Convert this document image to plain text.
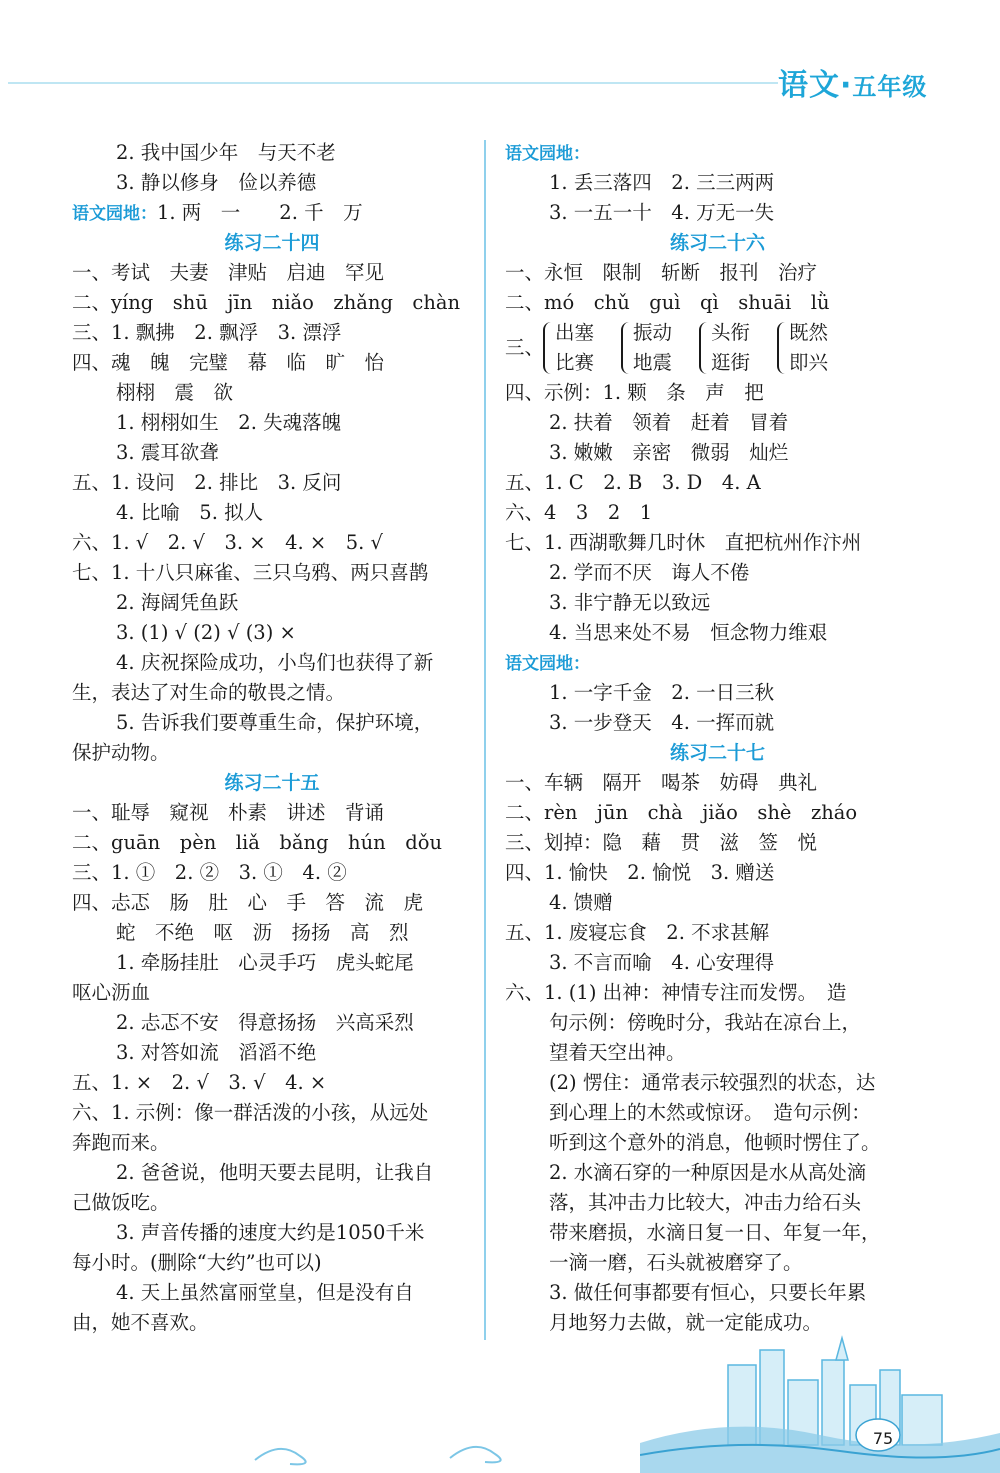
语文·五年级
2. 我中国少年　与天不老
3. 静以修身　俭以养德
语文园地：1. 两　一　　2. 千　万
练习二十四
一、考试　夫妻　津贴　启迪　罕见
二、yíng　shū　jīn　niǎo　zhǎng　chàn
三、1. 飘拂　2. 飘浮　3. 漂浮
四、魂　魄　完璧　幕　临　旷　怡
栩栩　震　欲
1. 栩栩如生　2. 失魂落魄
3. 震耳欲聋
五、1. 设问　2. 排比　3. 反问
4. 比喻　5. 拟人
六、1. √　2. √　3. ×　4. ×　5. √
七、1. 十八只麻雀、三只乌鸦、两只喜鹊
2. 海阔凭鱼跃
3. (1) √ (2) √ (3) ×
4. 庆祝探险成功，小鸟们也获得了新
生，表达了对生命的敬畏之情。
5. 告诉我们要尊重生命，保护环境，
保护动物。
练习二十五
一、耻辱　窥视　朴素　讲述　背诵
二、guān　pèn　liǎ　bǎng　hún　dǒu
三、1. ①　2. ②　3. ①　4. ②
四、忐忑　肠　肚　心　手　答　流　虎
蛇　不绝　呕　沥　扬扬　高　烈
1. 牵肠挂肚　心灵手巧　虎头蛇尾
呕心沥血
2. 忐忑不安　得意扬扬　兴高采烈
3. 对答如流　滔滔不绝
五、1. ×　2. √　3. √　4. ×
六、1. 示例：像一群活泼的小孩，从远处
奔跑而来。
2. 爸爸说，他明天要去昆明，让我自
己做饭吃。
3. 声音传播的速度大约是1050千米
每小时。(删除“大约”也可以)
4. 天上虽然富丽堂皇，但是没有自
由，她不喜欢。
语文园地：
1. 丢三落四　2. 三三两两
3. 一五一十　4. 万无一失
练习二十六
一、永恒　限制　斩断　报刊　治疗
二、mó　chǔ　guì　qì　shuāi　lǜ
三、
出塞
比赛
振动
地震
头衔
逛街
既然
即兴
四、示例：1. 颗　条　声　把
2. 扶着　领着　赶着　冒着
3. 嫩嫩　亲密　微弱　灿烂
五、1. C　2. B　3. D　4. A
六、4　3　2　1
七、1. 西湖歌舞几时休　直把杭州作汴州
2. 学而不厌　诲人不倦
3. 非宁静无以致远
4. 当思来处不易　恒念物力维艰
语文园地：
1. 一字千金　2. 一日三秋
3. 一步登天　4. 一挥而就
练习二十七
一、车辆　隔开　喝茶　妨碍　典礼
二、rèn　jūn　chà　jiǎo　shè　zháo
三、划掉：隐　藉　贯　滋　签　悦
四、1. 愉快　2. 愉悦　3. 赠送
4. 馈赠
五、1. 废寝忘食　2. 不求甚解
3. 不言而喻　4. 心安理得
六、1. (1) 出神：神情专注而发愣。　造
句示例：傍晚时分，我站在凉台上，
望着天空出神。
(2) 愣住：通常表示较强烈的状态，达
到心理上的木然或惊讶。　造句示例：
听到这个意外的消息，他顿时愣住了。
2. 水滴石穿的一种原因是水从高处滴
落，其冲击力比较大，冲击力给石头
带来磨损，水滴日复一日、年复一年，
一滴一磨，石头就被磨穿了。
3. 做任何事都要有恒心，只要长年累
月地努力去做，就一定能成功。
75
